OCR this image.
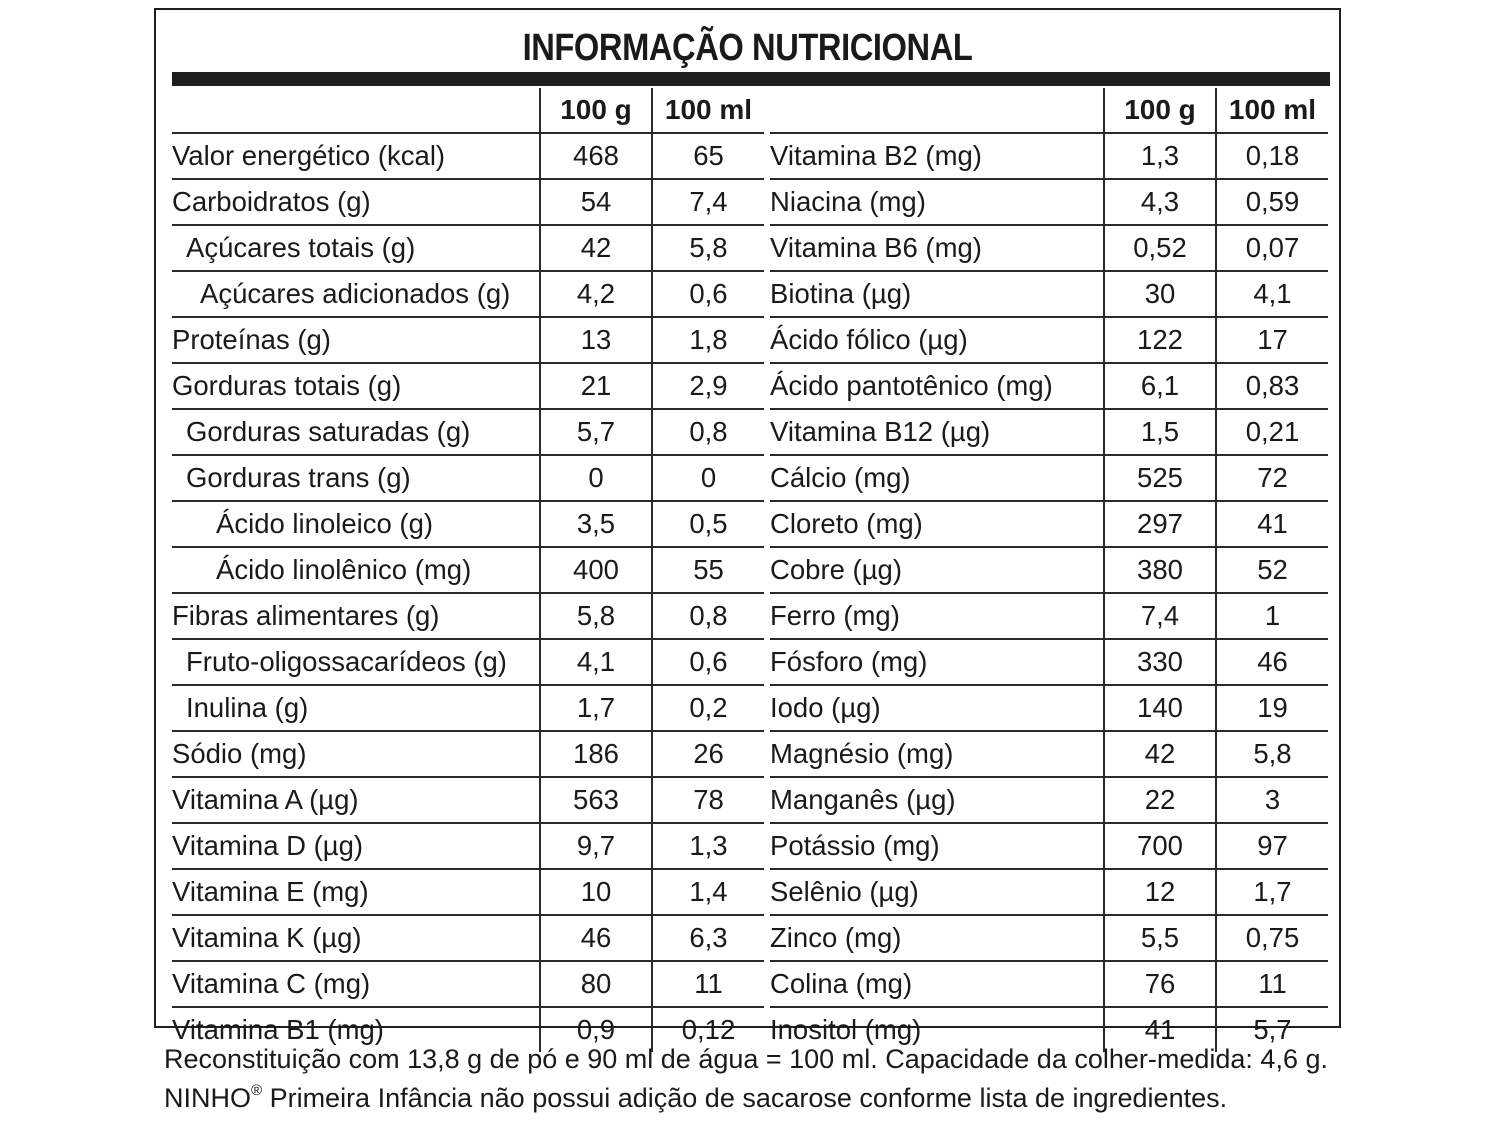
INFORMAÇÃO NUTRICIONAL
	100 g	100 ml
Valor energético (kcal)	468	65
Carboidratos (g)	54	7,4
Açúcares totais (g)	42	5,8
Açúcares adicionados (g)	4,2	0,6
Proteínas (g)	13	1,8
Gorduras totais (g)	21	2,9
Gorduras saturadas (g)	5,7	0,8
Gorduras trans (g)	0	0
Ácido linoleico (g)	3,5	0,5
Ácido linolênico (mg)	400	55
Fibras alimentares (g)	5,8	0,8
Fruto-oligossacarídeos (g)	4,1	0,6
Inulina (g)	1,7	0,2
Sódio (mg)	186	26
Vitamina A (µg)	563	78
Vitamina D (µg)	9,7	1,3
Vitamina E (mg)	10	1,4
Vitamina K (µg)	46	6,3
Vitamina C (mg)	80	11
Vitamina B1 (mg)	0,9	0,12
	100 g	100 ml
Vitamina B2 (mg)	1,3	0,18
Niacina (mg)	4,3	0,59
Vitamina B6 (mg)	0,52	0,07
Biotina (µg)	30	4,1
Ácido fólico (µg)	122	17
Ácido pantotênico (mg)	6,1	0,83
Vitamina B12 (µg)	1,5	0,21
Cálcio (mg)	525	72
Cloreto (mg)	297	41
Cobre (µg)	380	52
Ferro (mg)	7,4	1
Fósforo (mg)	330	46
Iodo (µg)	140	19
Magnésio (mg)	42	5,8
Manganês (µg)	22	3
Potássio (mg)	700	97
Selênio (µg)	12	1,7
Zinco (mg)	5,5	0,75
Colina (mg)	76	11
Inositol (mg)	41	5,7
Reconstituição com 13,8 g de pó e 90 ml de água = 100 ml. Capacidade da colher-medida: 4,6 g.
NINHO® Primeira Infância não possui adição de sacarose conforme lista de ingredientes.
